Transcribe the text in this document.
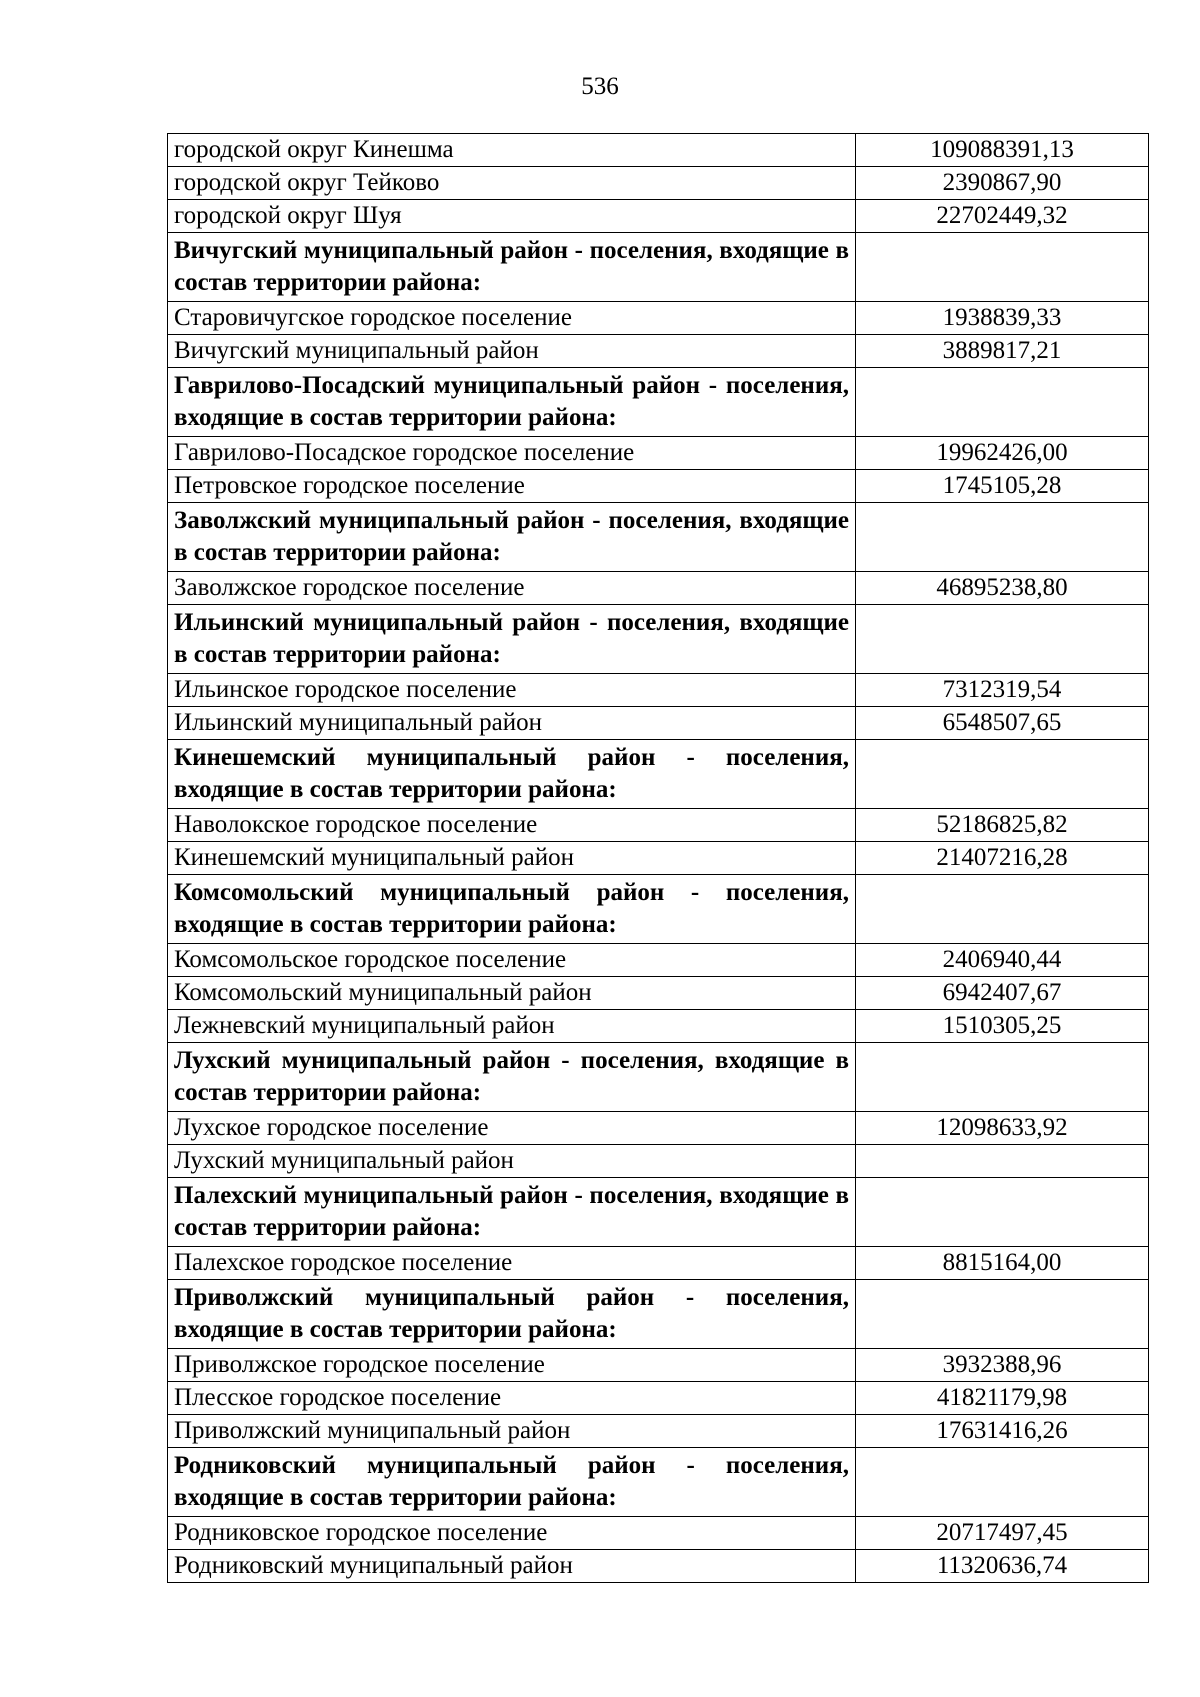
536
городской округ Кинешма	109088391,13
городской округ Тейково	2390867,90
городской округ Шуя	22702449,32
Вичугский муниципальный район - поселения, входящие в состав территории района:	
Старовичугское городское поселение	1938839,33
Вичугский муниципальный район	3889817,21
Гаврилово-Посадский муниципальный район - поселения, входящие в состав территории района:	
Гаврилово-Посадское городское поселение	19962426,00
Петровское городское поселение	1745105,28
Заволжский муниципальный район - поселения, входящие в состав территории района:	
Заволжское городское поселение	46895238,80
Ильинский муниципальный район - поселения, входящие в состав территории района:	
Ильинское городское поселение	7312319,54
Ильинский муниципальный район	6548507,65
Кинешемский муниципальный район - поселения, входящие в состав территории района:	
Наволокское городское поселение	52186825,82
Кинешемский муниципальный район	21407216,28
Комсомольский муниципальный район - поселения, входящие в состав территории района:	
Комсомольское городское поселение	2406940,44
Комсомольский муниципальный район	6942407,67
Лежневский муниципальный район	1510305,25
Лухский муниципальный район - поселения, входящие в состав территории района:	
Лухское городское поселение	12098633,92
Лухский муниципальный район	
Палехский муниципальный район - поселения, входящие в состав территории района:	
Палехское городское поселение	8815164,00
Приволжский муниципальный район - поселения, входящие в состав территории района:	
Приволжское городское поселение	3932388,96
Плесское городское поселение	41821179,98
Приволжский муниципальный район	17631416,26
Родниковский муниципальный район - поселения, входящие в состав территории района:	
Родниковское городское поселение	20717497,45
Родниковский муниципальный район	11320636,74
